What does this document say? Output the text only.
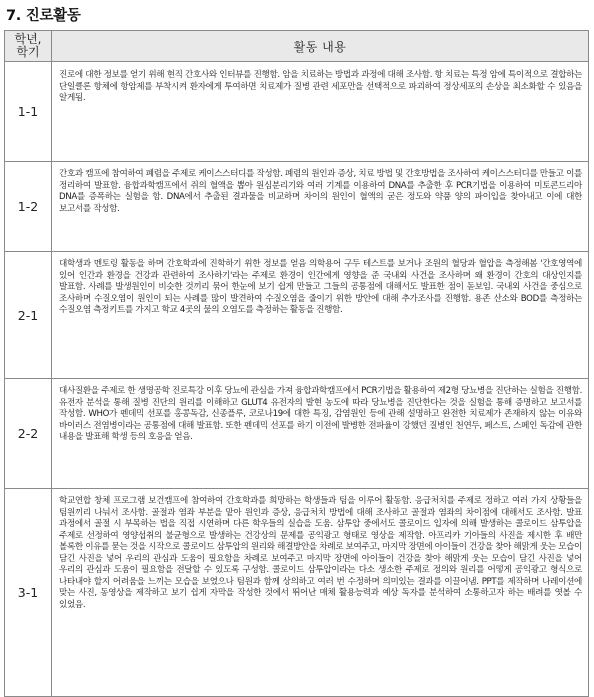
7. 진로활동
학년,
학기	활동 내용
1-1	진로에 대한 정보를 얻기 위해 현직 간호사와 인터뷰를 진행함. 암을 치료하는 방법과 과정에 대해 조사함. 항 치료는 특정 암에 특이적으로 결합하는 단일클론 항체에 항암제를 부착시켜 환자에게 투여하면 치료제가 질병 관련 세포만을 선택적으로 파괴하여 정상세포의 손상을 최소화할 수 있음을 알게됨.
1-2	간호과 캠프에 참여하여 폐렴을 주제로 케이스스터디를 작성함. 폐렴의 원인과 증상, 치료 방법 및 간호방법을 조사하여 케이스스터디를 만들고 이를 정리하여 발표함. 융합과학캠프에서 쥐의 혈액을 뽑아 원심분리기와 여러 기계를 이용하여 DNA를 추출한 후 PCR기법을 이용하여 미토콘드리아 DNA를 증폭하는 실험을 함. DNA에서 추출된 결과물을 비교하며 차이의 원인이 혈액의 굳은 정도와 약품 양의 파이입을 찾아내고 이에 대한 보고서를 작성함.
2-1	대학생과 멘토링 활동을 하며 간호학과에 진학하기 위한 정보를 얻음 의학용어 구두 테스트를 보거나 조원의 혈당과 혈압을 측정해봄 '간호영역에 있어 인간과 환경을 건강과 관련하여 조사하기'라는 주제로 환경이 인간에게 영향을 준 국내외 사건을 조사하며 왜 환경이 간호의 대상인지를 발표함. 사례를 발생원인이 비슷한 것끼리 묶어 한눈에 보기 쉽게 만들고 그들의 공통점에 대해서도 발표한 점이 돋보임. 국내외 사건을 중심으로 조사하며 수질오염이 원인이 되는 사례를 많이 발견하여 수질오염을 줄이기 위한 방안에 대해 추가조사를 진행함. 용존 산소와 BOD를 측정하는 수질오염 측정키트를 가지고 학교 4곳의 물의 오염도를 측정하는 활동을 진행함.
2-2	대사질환을 주제로 한 생명공학 진로특강 이후 당뇨에 관심을 가져 융합과학캠프에서 PCR기법을 활용하여 제2형 당뇨병을 진단하는 실험을 진행함. 유전자 분석을 통해 질병 진단의 원리를 이해하고 GLUT4 유전자의 발현 농도에 따라 당뇨병을 진단한다는 것을 실험을 통해 증명하고 보고서를 작성함. WHO가 펜데믹 선포를 홍콩독감, 신종플루, 코로나19에 대한 특징, 감염원인 등에 관해 설명하고 완전한 치료제가 존재하지 않는 이유와 바이러스 전염병이라는 공통점에 대해 발표함. 또한 펜데믹 선포를 하기 이전에 발병한 전파율이 강했던 질병인 천연두, 페스트, 스페인 독감에 관한 내용을 발표해 학생 등의 호응을 얻음.
3-1	학교연합 창체 프로그램 보건캠프에 참여하여 간호학과를 희망하는 학생들과 팀을 이루어 활동함. 응급처치를 주제로 정하고 여러 가지 상황들을 팀원끼리 나눠서 조사함. 골절과 염좌 부분을 맡아 원인과 증상, 응급처치 방법에 대해 조사하고 골절과 염좌의 차이점에 대해서도 조사함. 발표 과정에서 골절 시 부목하는 법을 직접 시연하며 다른 학우들의 실습을 도움. 삼투압 중에서도 콜로이드 입자에 의해 발생하는 콜로이드 삼투압을 주제로 선정하여 영양섭취의 불균형으로 발생하는 건강상의 문제를 공익광고 형태로 영상을 제작함. 아프리카 기아들의 사진을 제시한 후 배만 볼록한 이유를 묻는 것을 시작으로 콜로이드 삼투압의 원리와 해결방안을 차례로 보여주고, 마지막 장면에 아이들이 건강을 찾아 해맑게 웃는 모습이 담긴 사진을 넣어 우리의 관심과 도움이 필요함을 차례로 보여주고 마지막 장면에 아이들이 건강을 찾아 해맑게 웃는 모습이 담긴 사진을 넣어 우리의 관심과 도움이 필요함을 전달할 수 있도록 구성함. 콜로이드 삼투압이라는 다소 생소한 주제로 정의와 원리를 어떻게 공익광고 형식으로 나타내야 할지 어려움을 느끼는 모습을 보였으나 팀원과 함께 상의하고 여러 번 수정하며 의미있는 결과를 이끌어냄. PPT를 제작하며 나레이션에 맞는 사진, 동영상을 제작하고 보기 쉽게 자막을 작성한 것에서 뛰어난 매체 활용능력과 예상 독자를 분석하여 소통하고자 하는 배려를 엿볼 수 있었음.
